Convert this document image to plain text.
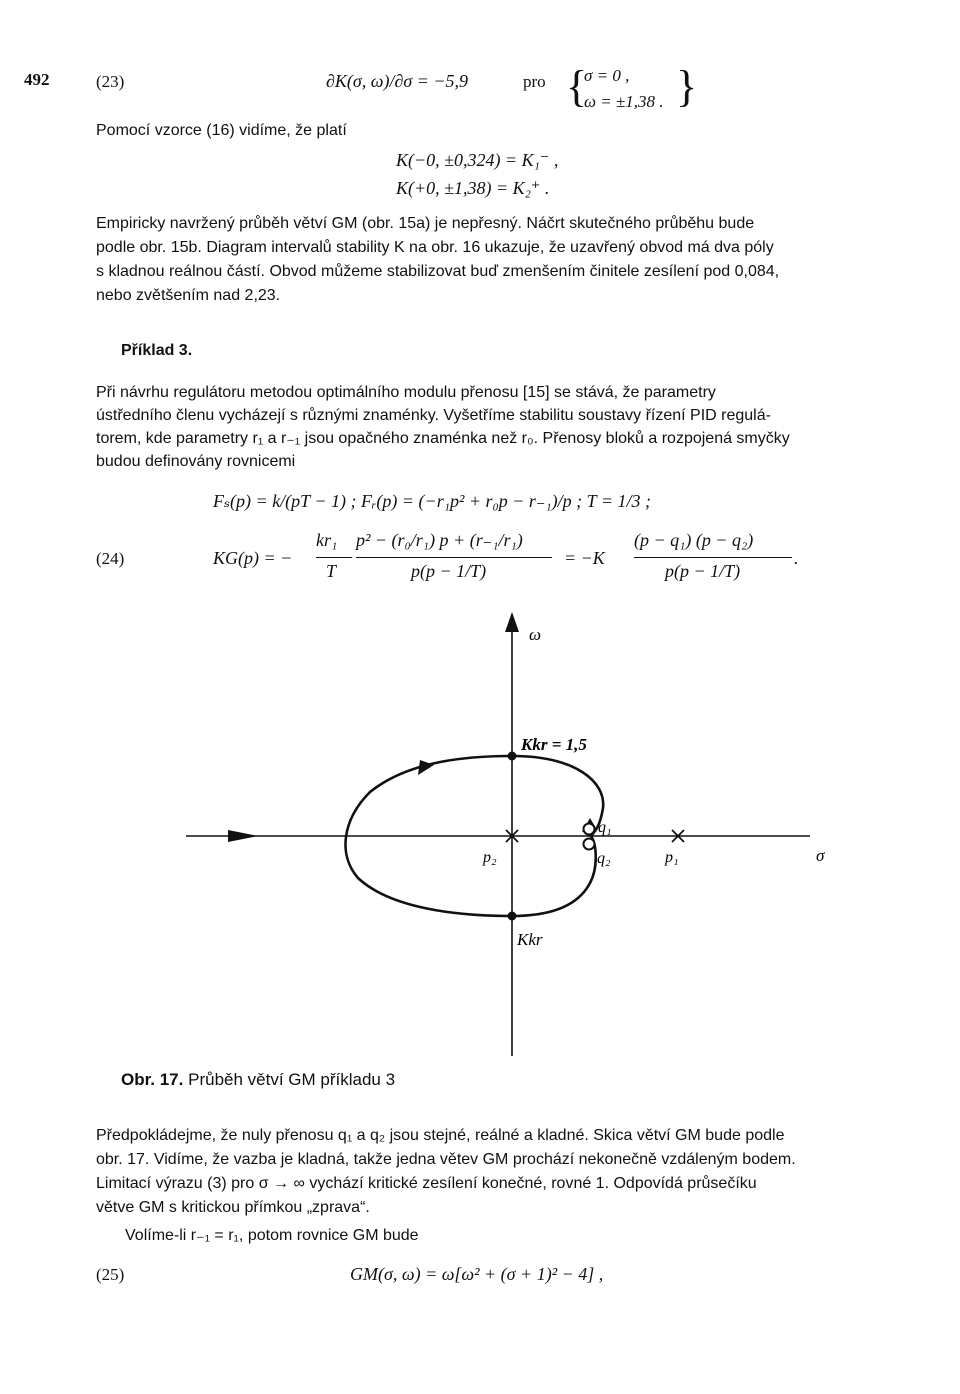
492	(23)	∂K(σ, ω)/∂σ = −5,9	pro {
σ = 0 ,
ω = ±1,38 . }
Pomocí vzorce (16) vidíme, že platí
K(−0, ±0,324) = K₁⁻ ,
K(+0, ±1,38) = K₂⁺ .

Empiricky navržený průběh větví GM (obr. 15a) je nepřesný. Náčrt skutečného průběhu bude

podle obr. 15b. Diagram intervalů stability K na obr. 16 ukazuje, že uzavřený obvod má dva póly

s kladnou reálnou částí. Obvod můžeme stabilizovat buď zmenšením činitele zesílení pod 0,084,

nebo zvětšením nad 2,23.

Příklad 3.

Při návrhu regulátoru metodou optimálního modulu přenosu [15] se stává, že parametry

ústředního členu vycházejí s různými znaménky. Vyšetříme stabilitu soustavy řízení PID regulá-

torem, kde parametry r₁ a r₋₁ jsou opačného znaménka než r₀. Přenosy bloků a rozpojená smyčky

budou definovány rovnicemi

Fₛ(p) = k/(pT − 1) ; Fᵣ(p) = (−r₁p² + r₀p − r₋₁)/p ; T = 1/3 ;
(24)	KG(p) = −
kr₁
T
p² − (r₀/r₁) p + (r₋₁/r₁)
p(p − 1/T)
= −K
(p − q₁) (p − q₂)
p(p − 1/T)
.
ω
σ
Kkr = 1,5
Kkr
p₂
q₁
q₂	p₁
Obr. 17. Průběh větví GM příkladu 3

Předpokládejme, že nuly přenosu q₁ a q₂ jsou stejné, reálné a kladné. Skica větví GM bude podle

obr. 17. Vidíme, že vazba je kladná, takže jedna větev GM prochází nekonečně vzdáleným bodem.

Limitací výrazu (3) pro σ → ∞ vychází kritické zesílení konečné, rovné 1. Odpovídá průsečíku

větve GM s kritickou přímkou „zprava“.

Volíme-li r₋₁ = r₁, potom rovnice GM bude
(25)	GM(σ, ω) = ω[ω² + (σ + 1)² − 4] ,
